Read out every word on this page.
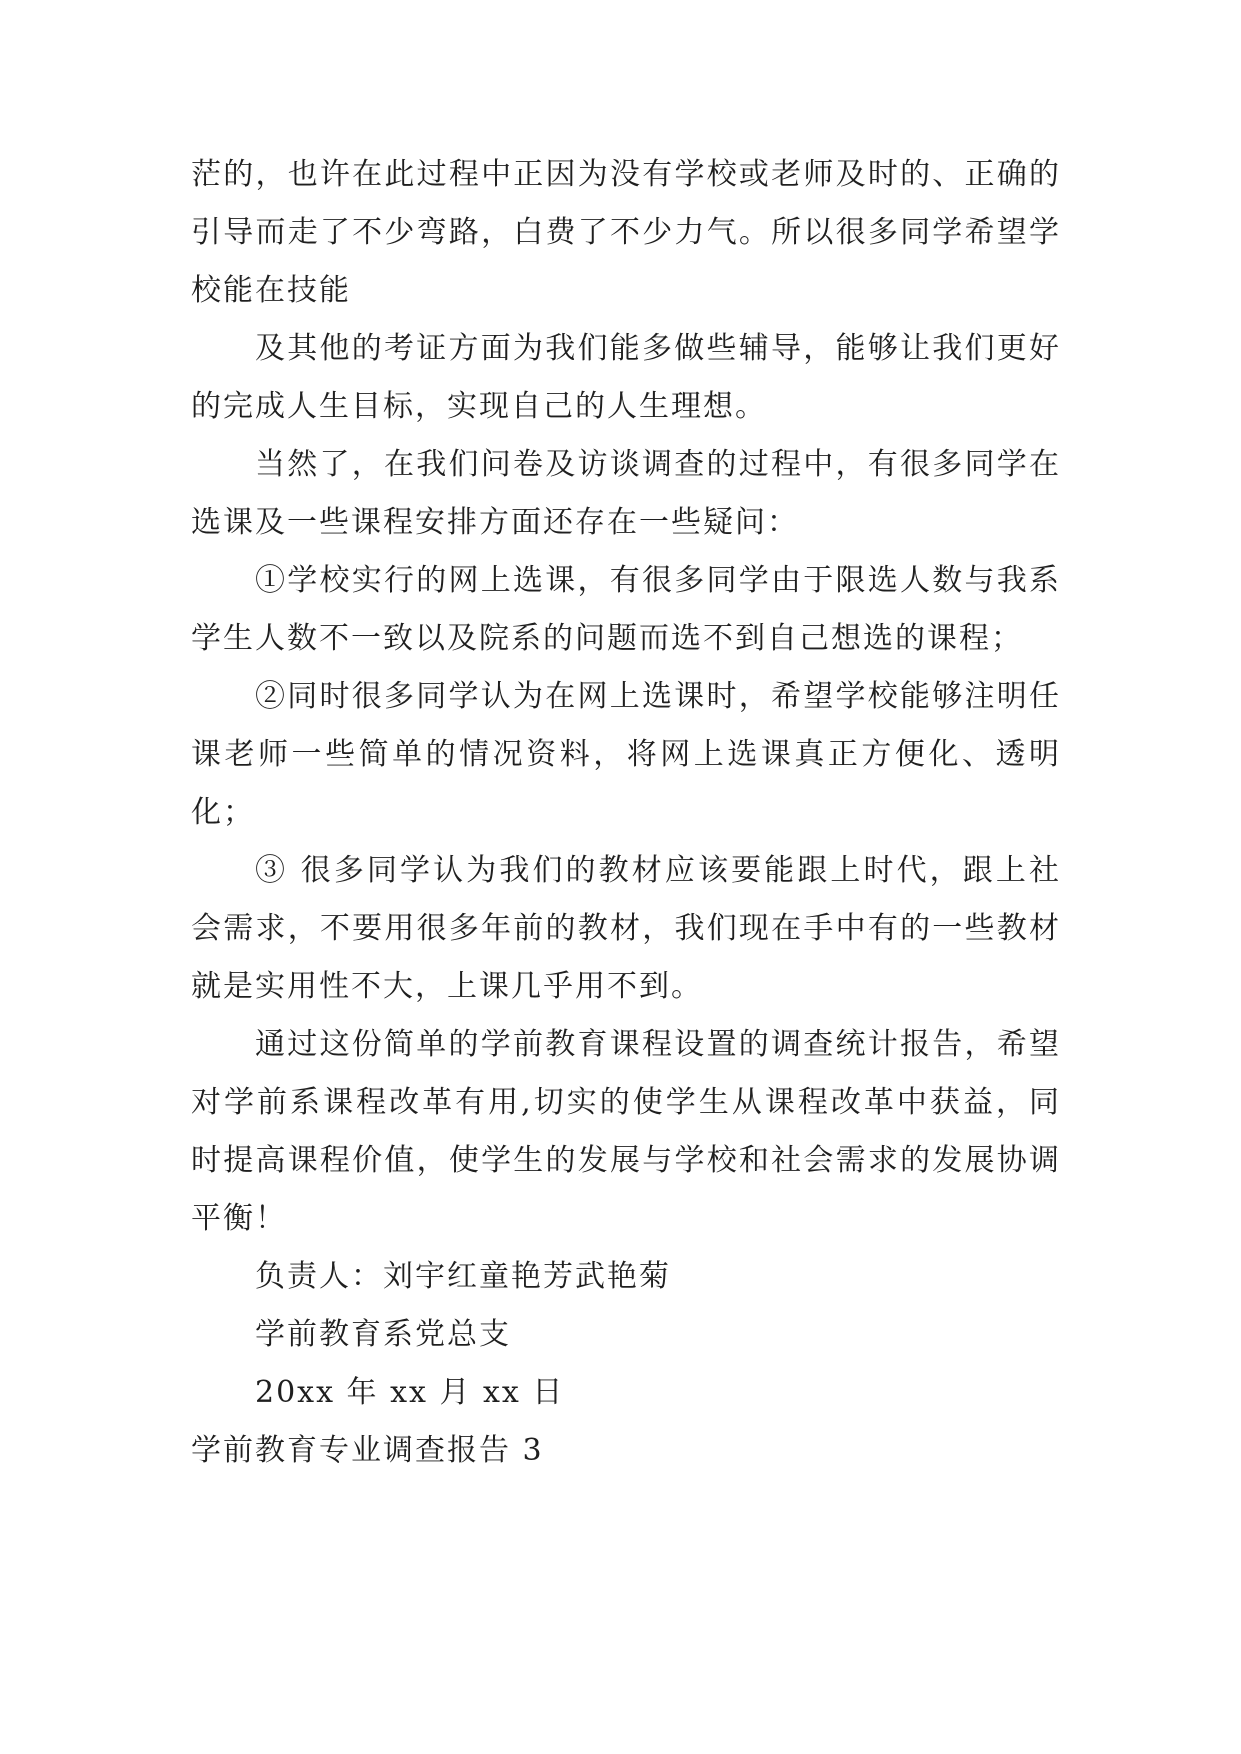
茫的，也许在此过程中正因为没有学校或老师及时的、正确的引导而走了不少弯路，白费了不少力气。所以很多同学希望学校能在技能

及其他的考证方面为我们能多做些辅导，能够让我们更好的完成人生目标，实现自己的人生理想。

当然了，在我们问卷及访谈调查的过程中，有很多同学在选课及一些课程安排方面还存在一些疑问：

①学校实行的网上选课，有很多同学由于限选人数与我系学生人数不一致以及院系的问题而选不到自己想选的课程；

②同时很多同学认为在网上选课时，希望学校能够注明任课老师一些简单的情况资料，将网上选课真正方便化、透明化；

③ 很多同学认为我们的教材应该要能跟上时代，跟上社会需求，不要用很多年前的教材，我们现在手中有的一些教材就是实用性不大，上课几乎用不到。

通过这份简单的学前教育课程设置的调查统计报告，希望对学前系课程改革有用,切实的使学生从课程改革中获益，同时提高课程价值，使学生的发展与学校和社会需求的发展协调平衡！

负责人：刘宇红童艳芳武艳菊

学前教育系党总支

20xx 年 xx 月 xx 日

学前教育专业调查报告 3
